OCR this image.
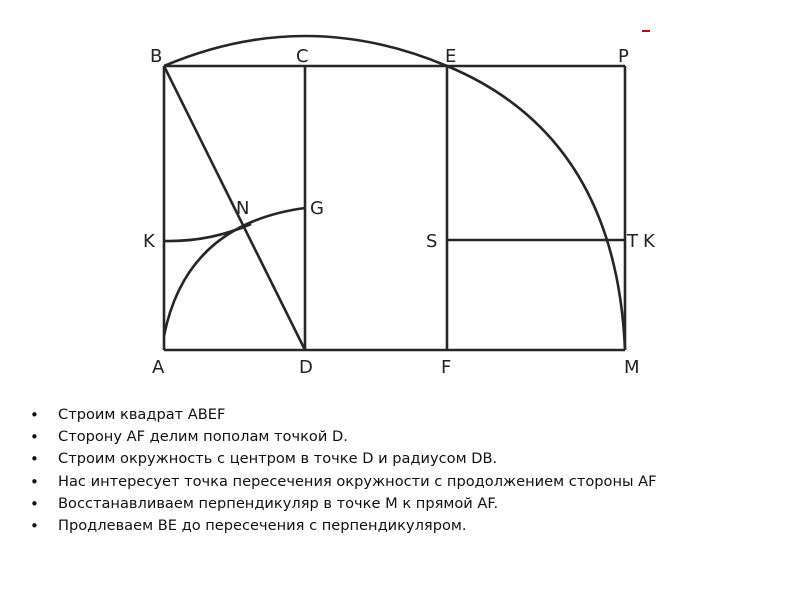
B	C	E	P
N	G
K	S	T K
A	D	F	M
• Строим квадрат ABEF
• Сторону AF делим пополам точкой D.
• Строим окружность с центром в точке D и радиусом DB.
• Нас интересует точка пересечения окружности с продолжением стороны AF
• Восстанавливаем перпендикуляр в точке M к прямой AF.
• Продлеваем BE до пересечения с перпендикуляром.
